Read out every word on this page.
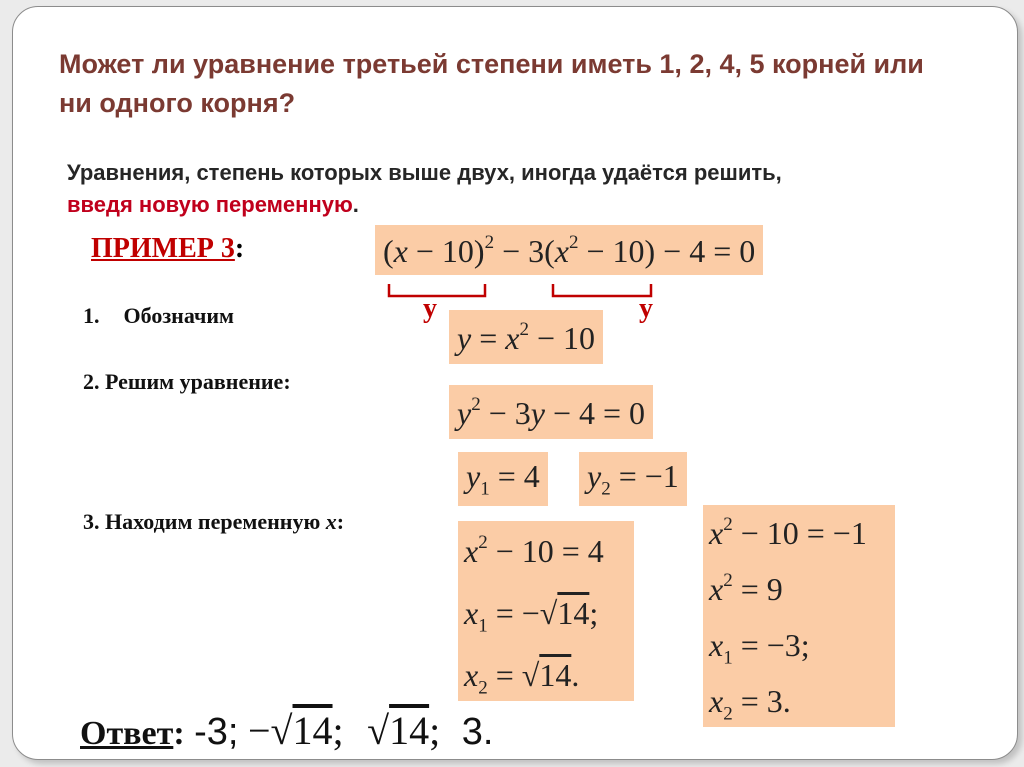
Может ли уравнение третьей степени иметь 1, 2, 4, 5 корней или ни одного корня?
Уравнения, степень которых выше двух, иногда удаётся решить,
введя новую переменную.
ПРИМЕР 3:	$(x - 10)^2 - 3(x^2 - 10) - 4 = 0$
у	у
1. Обозначим
$y = x^2 - 10$
2. Решим уравнение:
$y^2 - 3y - 4 = 0$
$y_1 = 4$ $y_2 = -1$
3. Находим переменную x:
$x^2 - 10 = 4$
$x_1 = -√14$;
$x_2 = √14$.
$x^2 - 10 = -1$
$x^2 = 9$
$x_1 = -3$;
$x_2 = 3$.
Ответ: -3; −√14; √14; 3.
